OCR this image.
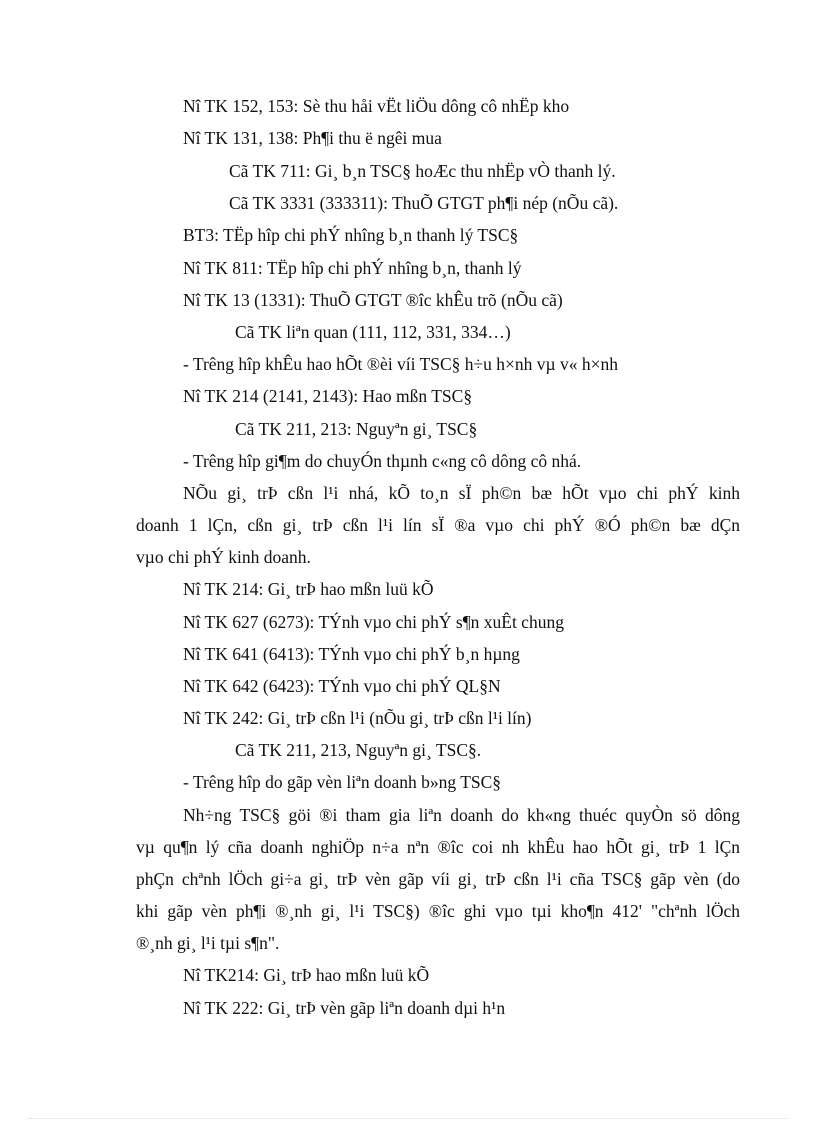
Nî TK 152, 153: Sè thu håi vËt liÖu dông cô nhËp kho
Nî TK 131, 138: Ph¶i thu ë ngêi mua
Cã TK 711: Gi¸ b¸n TSC§ hoÆc thu nhËp vÒ thanh lý.
Cã TK 3331 (333311): ThuÕ GTGT ph¶i nép (nÕu cã).
BT3: TËp hîp chi phÝ nhîng b¸n thanh lý TSC§
Nî TK 811: TËp hîp chi phÝ nhîng b¸n, thanh lý
Nî TK 13 (1331): ThuÕ GTGT ®îc khÊu trõ (nÕu cã)
Cã TK liªn quan (111, 112, 331, 334…)
- Trêng hîp khÊu hao hÕt ®èi víi TSC§ h÷u h×nh vµ v« h×nh
Nî TK 214 (2141, 2143): Hao mßn TSC§
Cã TK 211, 213: Nguyªn gi¸ TSC§
- Trêng hîp gi¶m do chuyÓn thµnh c«ng cô dông cô nhá.
NÕu gi¸ trÞ cßn l¹i nhá, kÕ to¸n sÏ ph©n bæ hÕt vµo chi phÝ kinh
doanh 1 lÇn, cßn gi¸ trÞ cßn l¹i lín sÏ ®a vµo chi phÝ ®Ó ph©n bæ dÇn
vµo chi phÝ kinh doanh.
Nî TK 214: Gi¸ trÞ hao mßn luü kÕ
Nî TK 627 (6273): TÝnh vµo chi phÝ s¶n xuÊt chung
Nî TK 641 (6413): TÝnh vµo chi phÝ b¸n hµng
Nî TK 642 (6423): TÝnh vµo chi phÝ QL§N
Nî TK 242: Gi¸ trÞ cßn l¹i (nÕu gi¸ trÞ cßn l¹i lín)
Cã TK 211, 213, Nguyªn gi¸ TSC§.
- Trêng hîp do gãp vèn liªn doanh b»ng TSC§
Nh÷ng TSC§ göi ®i tham gia liªn doanh do kh«ng thuéc quyÒn sö dông
vµ qu¶n lý cña doanh nghiÖp n÷a nªn ®îc coi nh khÊu hao hÕt gi¸ trÞ 1 lÇn
phÇn chªnh lÖch gi÷a gi¸ trÞ vèn gãp víi gi¸ trÞ cßn l¹i cña TSC§ gãp vèn (do
khi gãp vèn ph¶i ®¸nh gi¸ l¹i TSC§) ®îc ghi vµo tµi kho¶n 412' "chªnh lÖch
®¸nh gi¸ l¹i tµi s¶n".
Nî TK214: Gi¸ trÞ hao mßn luü kÕ
Nî TK 222: Gi¸ trÞ vèn gãp liªn doanh dµi h¹n
